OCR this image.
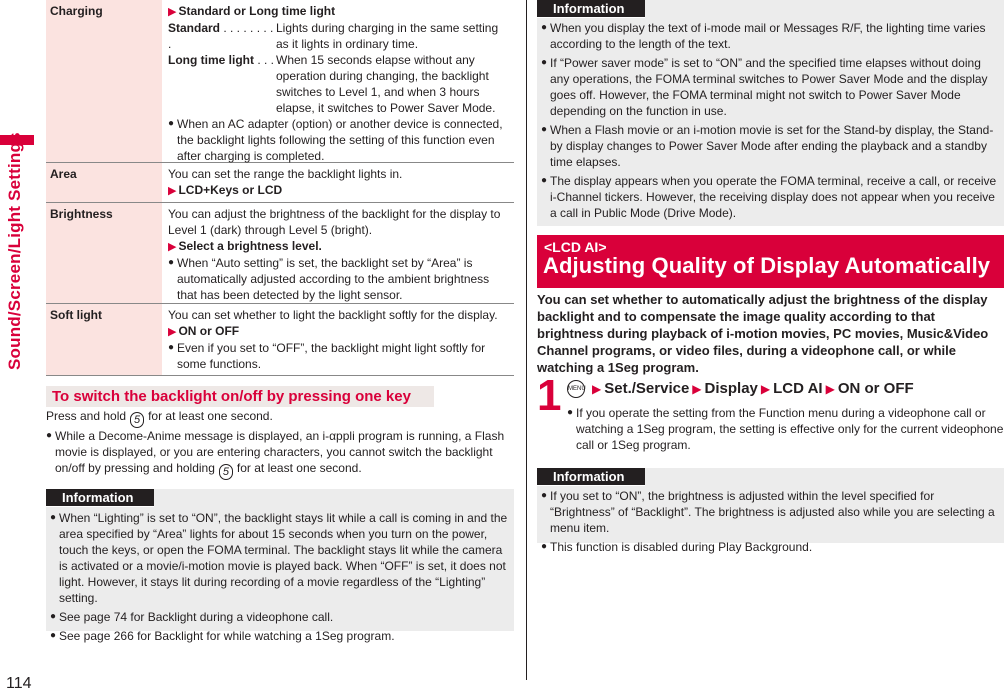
Sound/Screen/Light Settings
114
Charging	▶ Standard or Long time light
Standard . . . . . . . . .
Lights during charging in the same setting as it lights in ordinary time.
Long time light . . . When 15 seconds elapse without any operation during changing, the backlight switches to Level 1, and when 3 hours elapse, it switches to Power Saver Mode.
● When an AC adapter (option) or another device is connected, the backlight lights following the setting of this function even after charging is completed.
Area	You can set the range the backlight lights in.
▶ LCD+Keys or LCD
Brightness	You can adjust the brightness of the backlight for the display to Level 1 (dark) through Level 5 (bright).
▶ Select a brightness level.
● When “Auto setting” is set, the backlight set by “Area” is automatically adjusted according to the ambient brightness that has been detected by the light sensor.
Soft light	You can set whether to light the backlight softly for the display.
▶ ON or OFF
● Even if you set to “OFF”, the backlight might light softly for some functions.
To switch the backlight on/off by pressing one key
Press and hold 5 for at least one second.
● While a Decome-Anime message is displayed, an i-αppli program is running, a Flash movie is displayed, or you are entering characters, you cannot switch the backlight on/off by pressing and holding 5 for at least one second.
Information
● When “Lighting” is set to “ON”, the backlight stays lit while a call is coming in and the area specified by “Area” lights for about 15 seconds when you turn on the power, touch the keys, or open the FOMA terminal. The backlight stays lit while the camera is activated or a movie/i-motion movie is played back. When “OFF” is set, it does not light. However, it stays lit during recording of a movie regardless of the “Lighting” setting.
● See page 74 for Backlight during a videophone call.
● See page 266 for Backlight for while watching a 1Seg program.
Information
● When you display the text of i-mode mail or Messages R/F, the lighting time varies according to the length of the text.
● If “Power saver mode” is set to “ON” and the specified time elapses without doing any operations, the FOMA terminal switches to Power Saver Mode and the display goes off. However, the FOMA terminal might not switch to Power Saver Mode depending on the function in use.
● When a Flash movie or an i-motion movie is set for the Stand-by display, the Stand-by display changes to Power Saver Mode after ending the playback and a standby time elapses.
● The display appears when you operate the FOMA terminal, receive a call, or receive i-Channel tickers. However, the receiving display does not appear when you receive a call in Public Mode (Drive Mode).
<LCD AI>
Adjusting Quality of Display Automatically
You can set whether to automatically adjust the brightness of the display backlight and to compensate the image quality according to that brightness during playback of i-motion movies, PC movies, Music&Video Channel programs, or video files, during a videophone call, or while watching a 1Seg program.
1 MENU ▶ Set./Service ▶ Display ▶ LCD AI ▶ ON or OFF
● If you operate the setting from the Function menu during a videophone call or watching a 1Seg program, the setting is effective only for the current videophone call or 1Seg program.
Information
● If you set to “ON”, the brightness is adjusted within the level specified for “Brightness” of “Backlight”. The brightness is adjusted also while you are selecting a menu item.
● This function is disabled during Play Background.
